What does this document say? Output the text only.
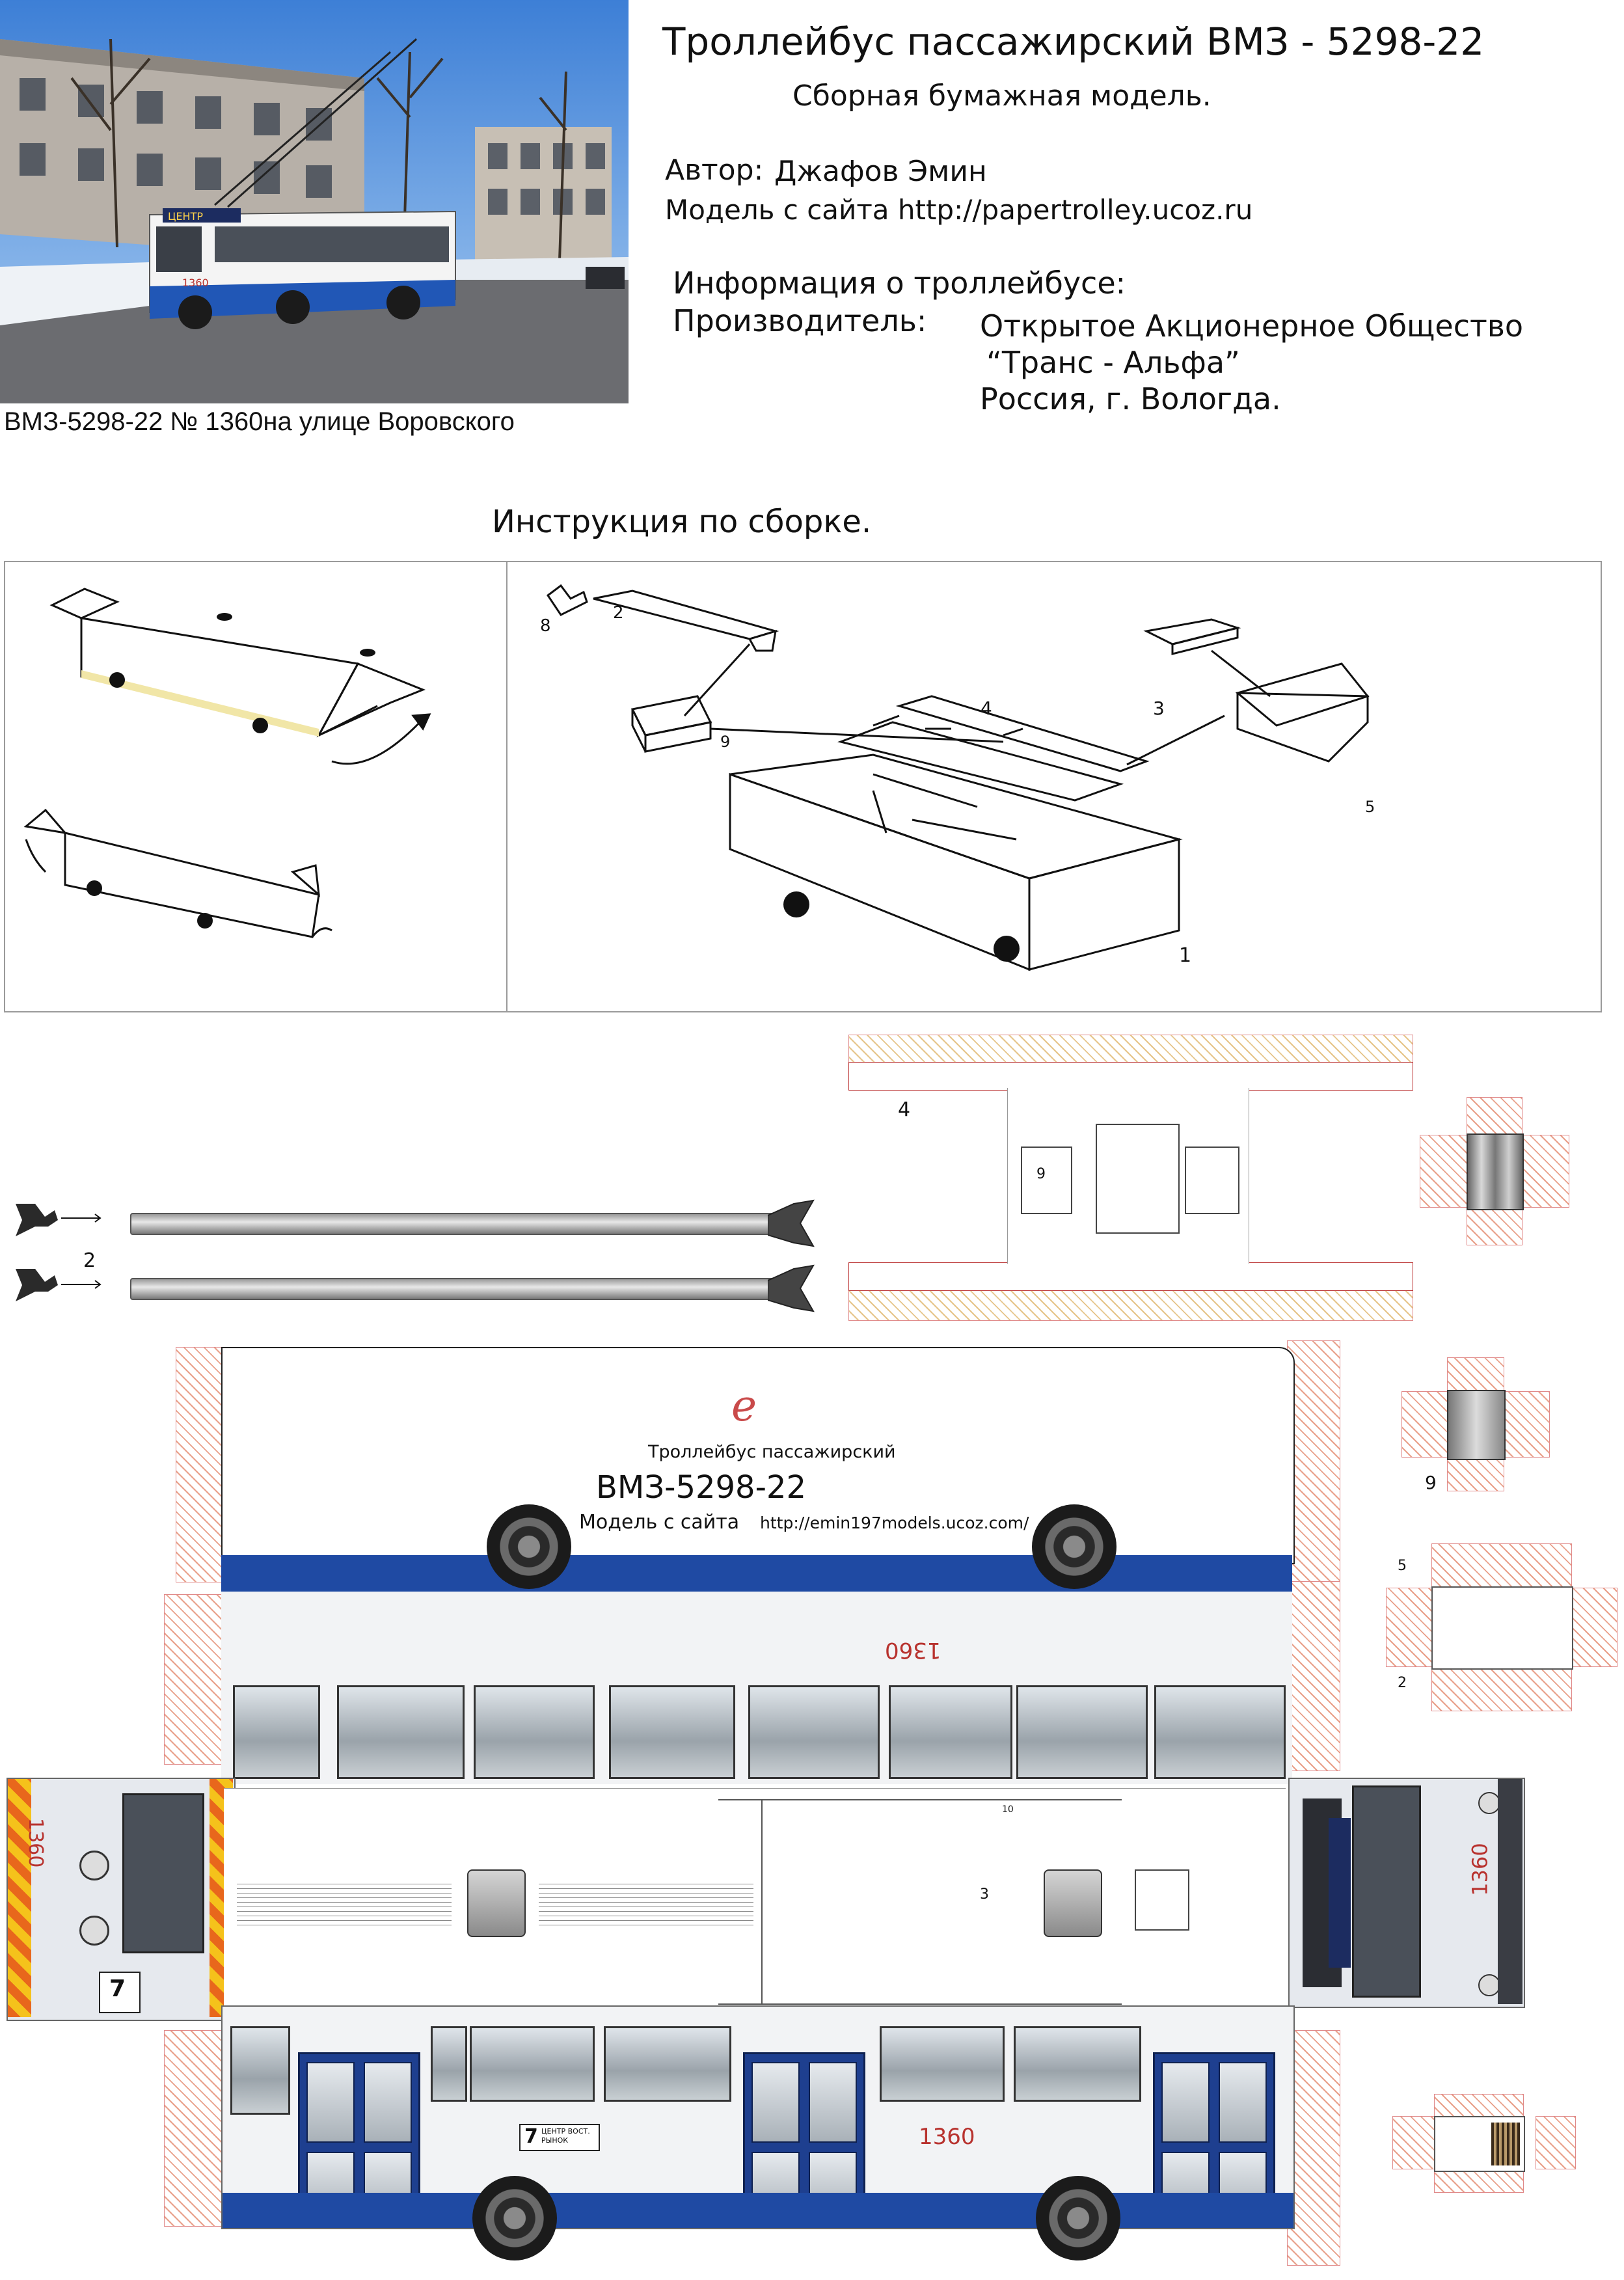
ЦЕНТР
1360
ВМЗ-5298-22 № 1360на улице Воровского
Троллейбус пассажирский ВМЗ - 5298-22
Сборная бумажная модель.
Автор: Джафов Эмин
Модель с сайта http://papertrolley.ucoz.ru
Информация о троллейбусе:
Производитель: Открытое Акционерное Общество
“Транс - Альфа”
Россия, г. Вологда.
Инструкция по сборке.
8
2
4	3
9
5
1
9
4
2
9
5
2
e
Троллейбус пассажирский
ВМЗ-5298-22
Модель с сайта http://emin197models.ucoz.com/
1360
1360
7
10
3	1360
7 ЦЕНТР ВОСТ. РЫНОК	1360
